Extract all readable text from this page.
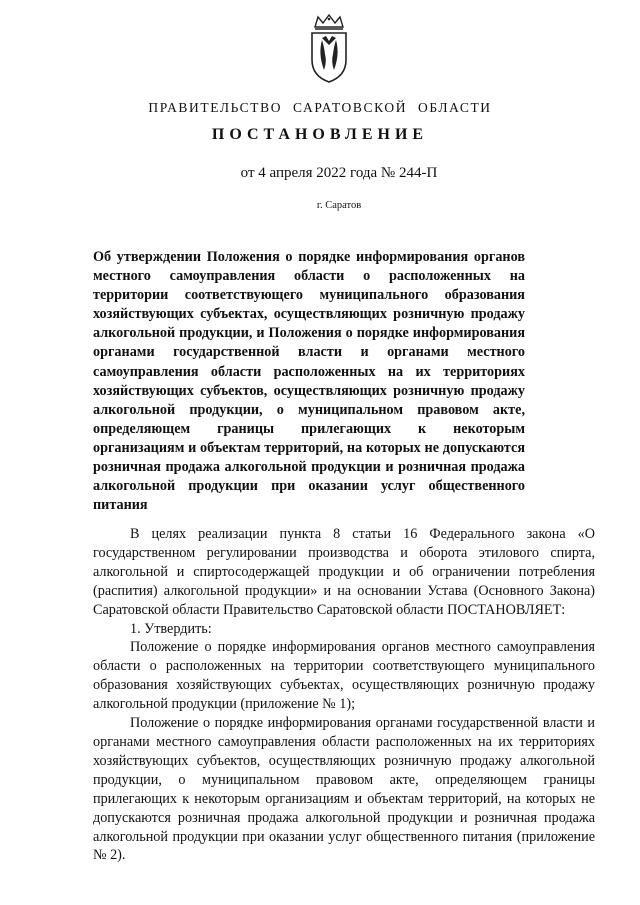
ПРАВИТЕЛЬСТВО САРАТОВСКОЙ ОБЛАСТИ
ПОСТАНОВЛЕНИЕ
от 4 апреля 2022 года № 244-П
г. Саратов

Об утверждении Положения о порядке информирования органов местного самоуправления области о расположенных на территории соответствующего муниципального образования хозяйствующих субъектах, осуществляющих розничную продажу алкогольной продукции, и Положения о порядке информирования органами государственной власти и органами местного самоуправления области расположенных на их территориях хозяйствующих субъектов, осуществляющих розничную продажу алкогольной продукции, о муниципальном правовом акте, определяющем границы прилегающих к некоторым организациям и объектам территорий, на которых не допускаются розничная продажа алкогольной продукции и розничная продажа алкогольной продукции при оказании услуг общественного питания

В целях реализации пункта 8 статьи 16 Федерального закона «О государственном регулировании производства и оборота этилового спирта, алкогольной и спиртосодержащей продукции и об ограничении потребления (распития) алкогольной продукции» и на основании Устава (Основного Закона) Саратовской области Правительство Саратовской области ПОСТАНОВЛЯЕТ:

1. Утвердить:

Положение о порядке информирования органов местного самоуправления области о расположенных на территории соответствующего муниципального образования хозяйствующих субъектах, осуществляющих розничную продажу алкогольной продукции (приложение № 1);

Положение о порядке информирования органами государственной власти и органами местного самоуправления области расположенных на их территориях хозяйствующих субъектов, осуществляющих розничную продажу алкогольной продукции, о муниципальном правовом акте, определяющем границы прилегающих к некоторым организациям и объектам территорий, на которых не допускаются розничная продажа алкогольной продукции и розничная продажа алкогольной продукции при оказании услуг общественного питания (приложение № 2).
